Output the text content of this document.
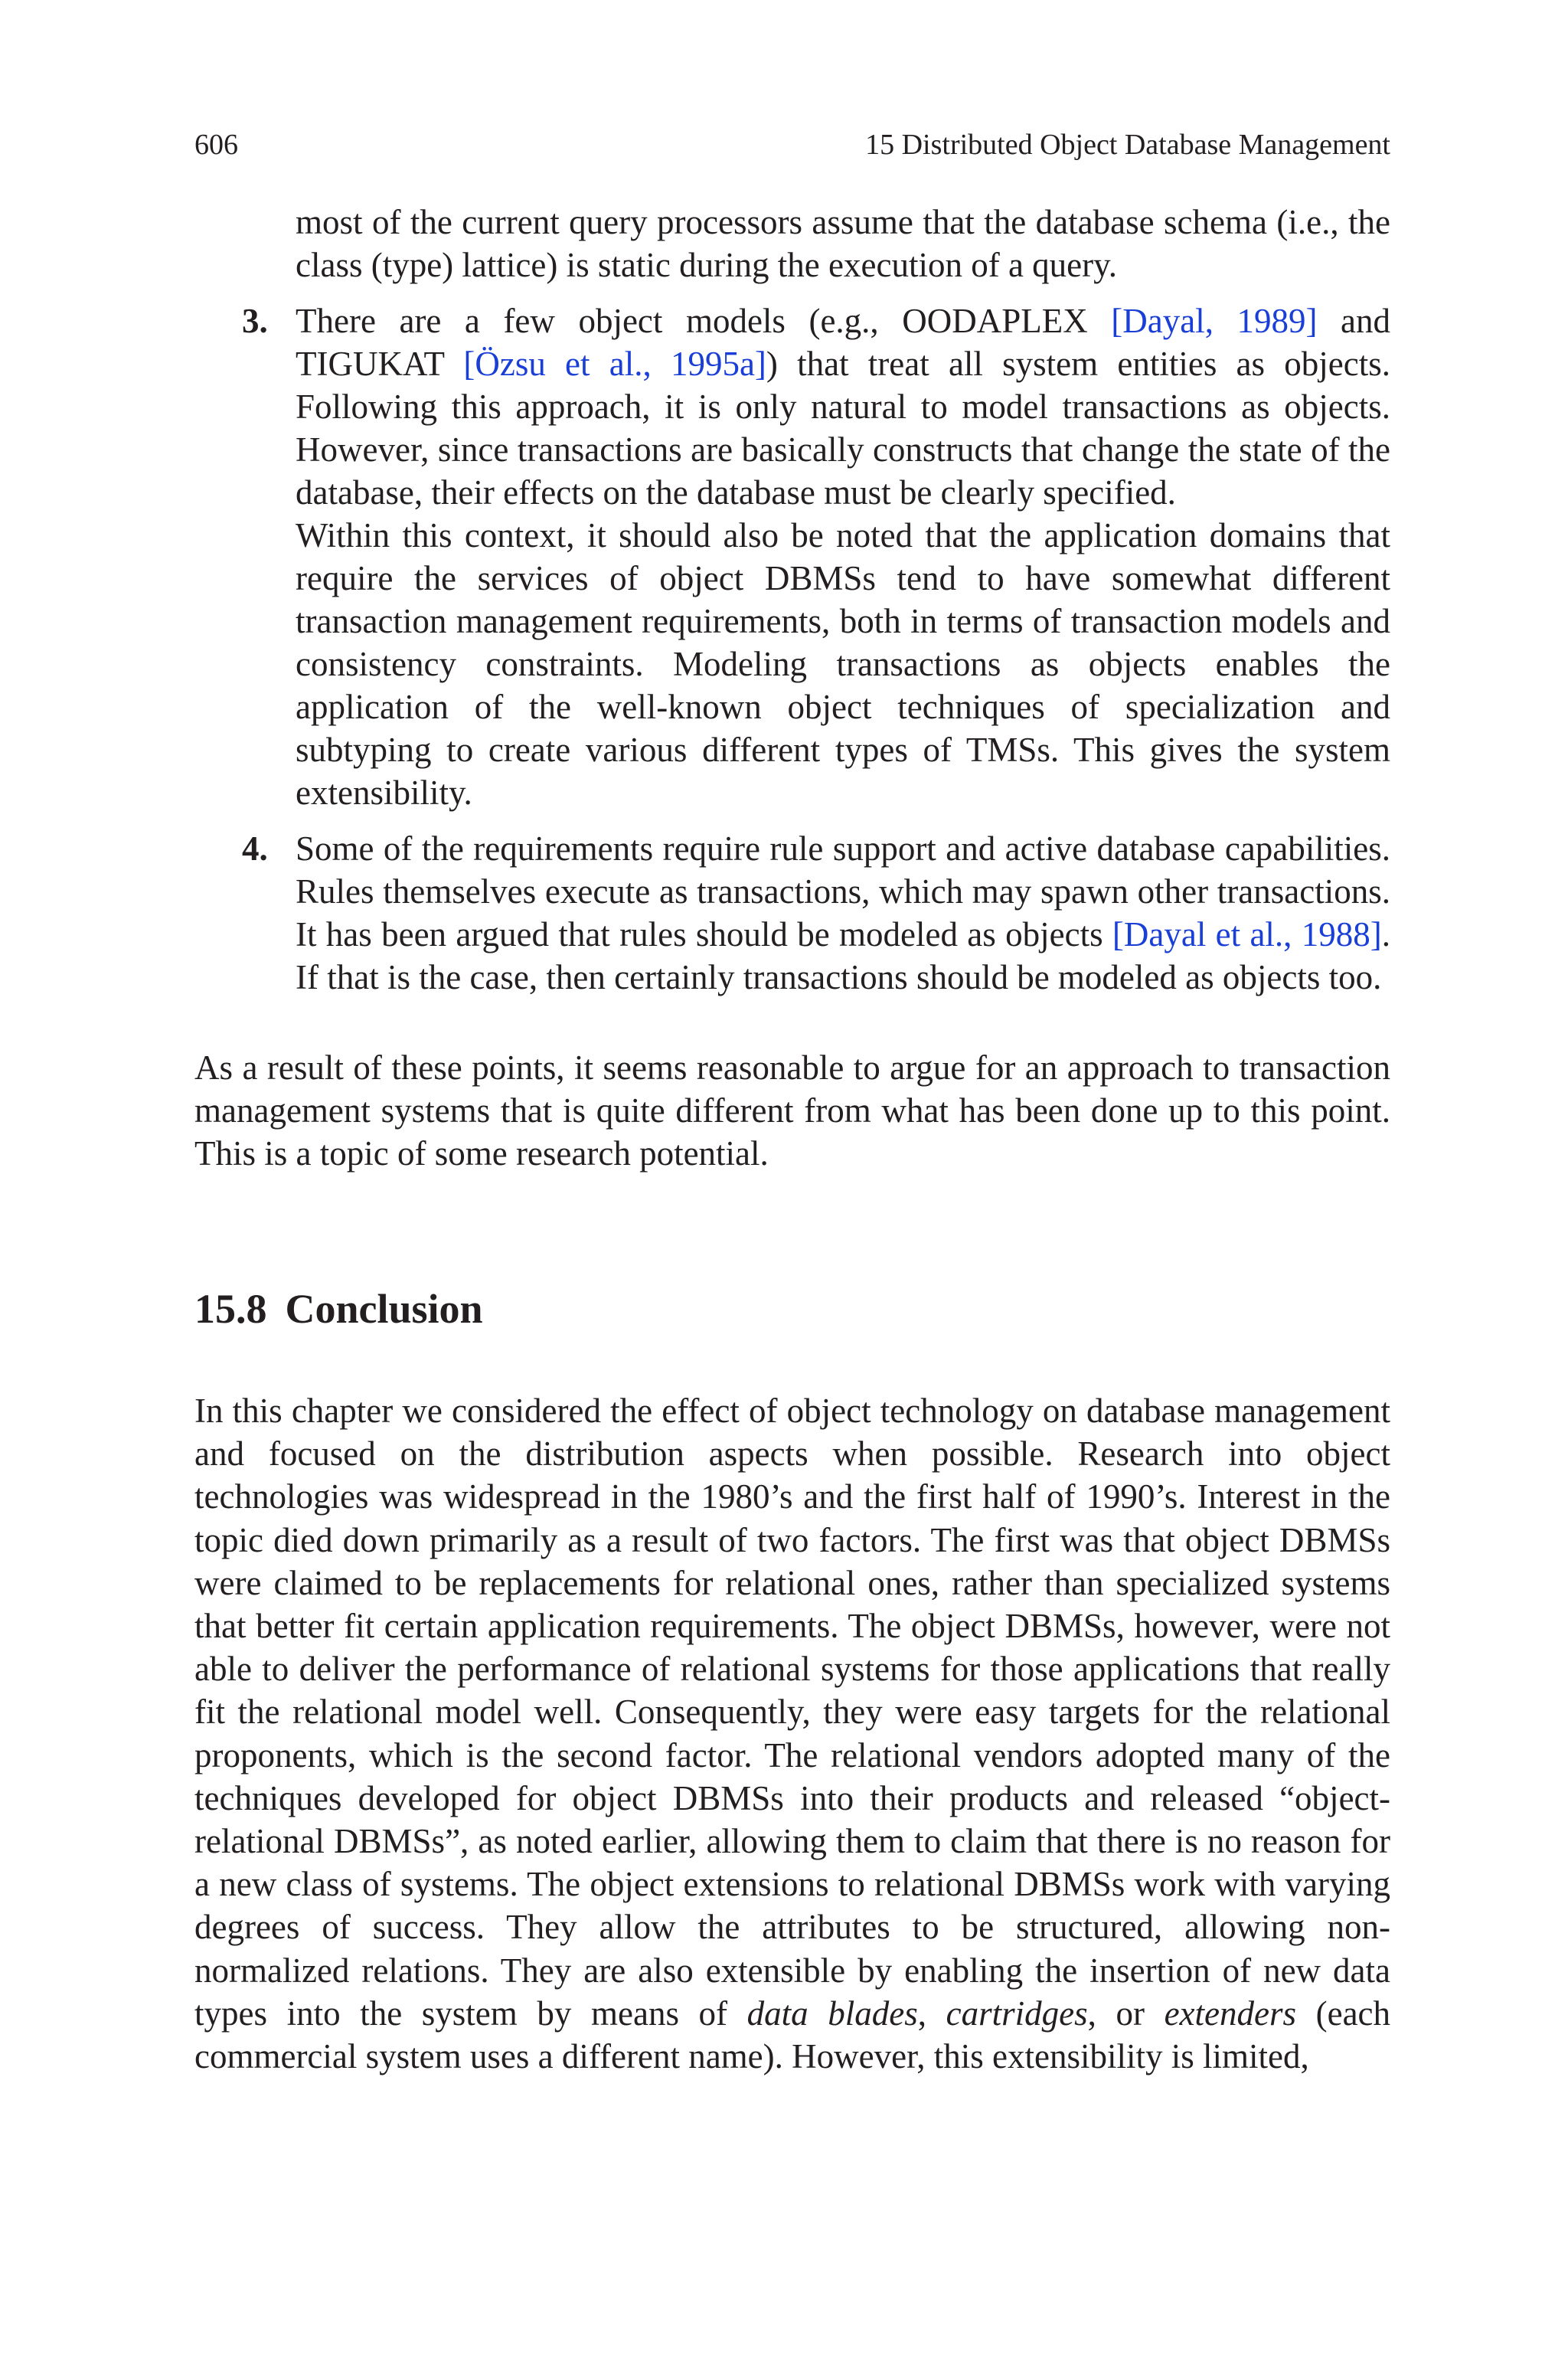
606	15 Distributed Object Database Management

most of the current query processors assume that the database schema (i.e., the class (type) lattice) is static during the execution of a query.

3. There are a few object models (e.g., OODAPLEX [Dayal, 1989] and TIGUKAT [Özsu et al., 1995a]) that treat all system entities as objects. Following this approach, it is only natural to model transactions as objects. However, since transactions are basically constructs that change the state of the database, their effects on the database must be clearly specified.

Within this context, it should also be noted that the application domains that require the services of object DBMSs tend to have somewhat different transaction management requirements, both in terms of transaction models and consistency constraints. Modeling transactions as objects enables the application of the well-known object techniques of specialization and subtyping to create various different types of TMSs. This gives the system extensibility.

4. Some of the requirements require rule support and active database capabilities. Rules themselves execute as transactions, which may spawn other transactions. It has been argued that rules should be modeled as objects [Dayal et al., 1988]. If that is the case, then certainly transactions should be modeled as objects too.

As a result of these points, it seems reasonable to argue for an approach to transaction management systems that is quite different from what has been done up to this point. This is a topic of some research potential.

15.8 Conclusion

In this chapter we considered the effect of object technology on database management and focused on the distribution aspects when possible. Research into object technologies was widespread in the 1980’s and the first half of 1990’s. Interest in the topic died down primarily as a result of two factors. The first was that object DBMSs were claimed to be replacements for relational ones, rather than specialized systems that better fit certain application requirements. The object DBMSs, however, were not able to deliver the performance of relational systems for those applications that really fit the relational model well. Consequently, they were easy targets for the relational proponents, which is the second factor. The relational vendors adopted many of the techniques developed for object DBMSs into their products and released “object-relational DBMSs”, as noted earlier, allowing them to claim that there is no reason for a new class of systems. The object extensions to relational DBMSs work with varying degrees of success. They allow the attributes to be structured, allowing non-normalized relations. They are also extensible by enabling the insertion of new data types into the system by means of data blades, cartridges, or extenders (each commercial system uses a different name). However, this extensibility is limited,
